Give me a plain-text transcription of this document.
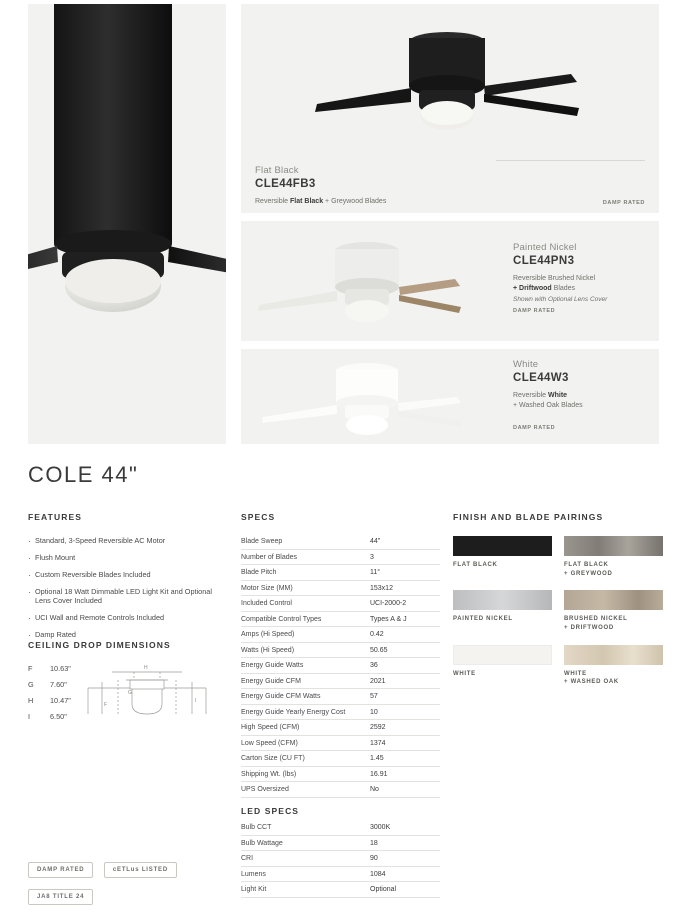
Flat Black
CLE44FB3
Reversible Flat Black + Greywood Blades	DAMP RATED
Painted Nickel
CLE44PN3
Reversible Brushed Nickel
+ Driftwood Blades
Shown with Optional Lens Cover
DAMP RATED
White
CLE44W3
Reversible White
+ Washed Oak Blades
DAMP RATED
COLE 44"
FEATURES
· Standard, 3-Speed Reversible AC Motor
· Flush Mount
· Custom Reversible Blades Included
· Optional 18 Watt Dimmable LED Light Kit and Optional Lens Cover Included
· UCI Wall and Remote Controls Included
· Damp Rated
CEILING DROP DIMENSIONS
F	10.63"
G	7.60"
H	10.47"
I	6.50"
H
G
F
I
DAMP RATED	cETLus LISTED
JA8 TITLE 24
SPECS
Blade Sweep	44"
Number of Blades	3
Blade Pitch	11°
Motor Size (MM)	153x12
Included Control	UCI-2000-2
Compatible Control Types	Types A & J
Amps (Hi Speed)	0.42
Watts (Hi Speed)	50.65
Energy Guide Watts	36
Energy Guide CFM	2021
Energy Guide CFM Watts	57
Energy Guide Yearly Energy Cost	10
High Speed (CFM)	2592
Low Speed (CFM)	1374
Carton Size (CU FT)	1.45
Shipping Wt. (lbs)	16.91
UPS Oversized	No
LED SPECS
Bulb CCT	3000K
Bulb Wattage	18
CRI	90
Lumens	1084
Light Kit	Optional
FINISH AND BLADE PAIRINGS
FLAT BLACK	FLAT BLACK
+ GREYWOOD
PAINTED NICKEL	BRUSHED NICKEL
+ DRIFTWOOD
WHITE	WHITE
+ WASHED OAK
